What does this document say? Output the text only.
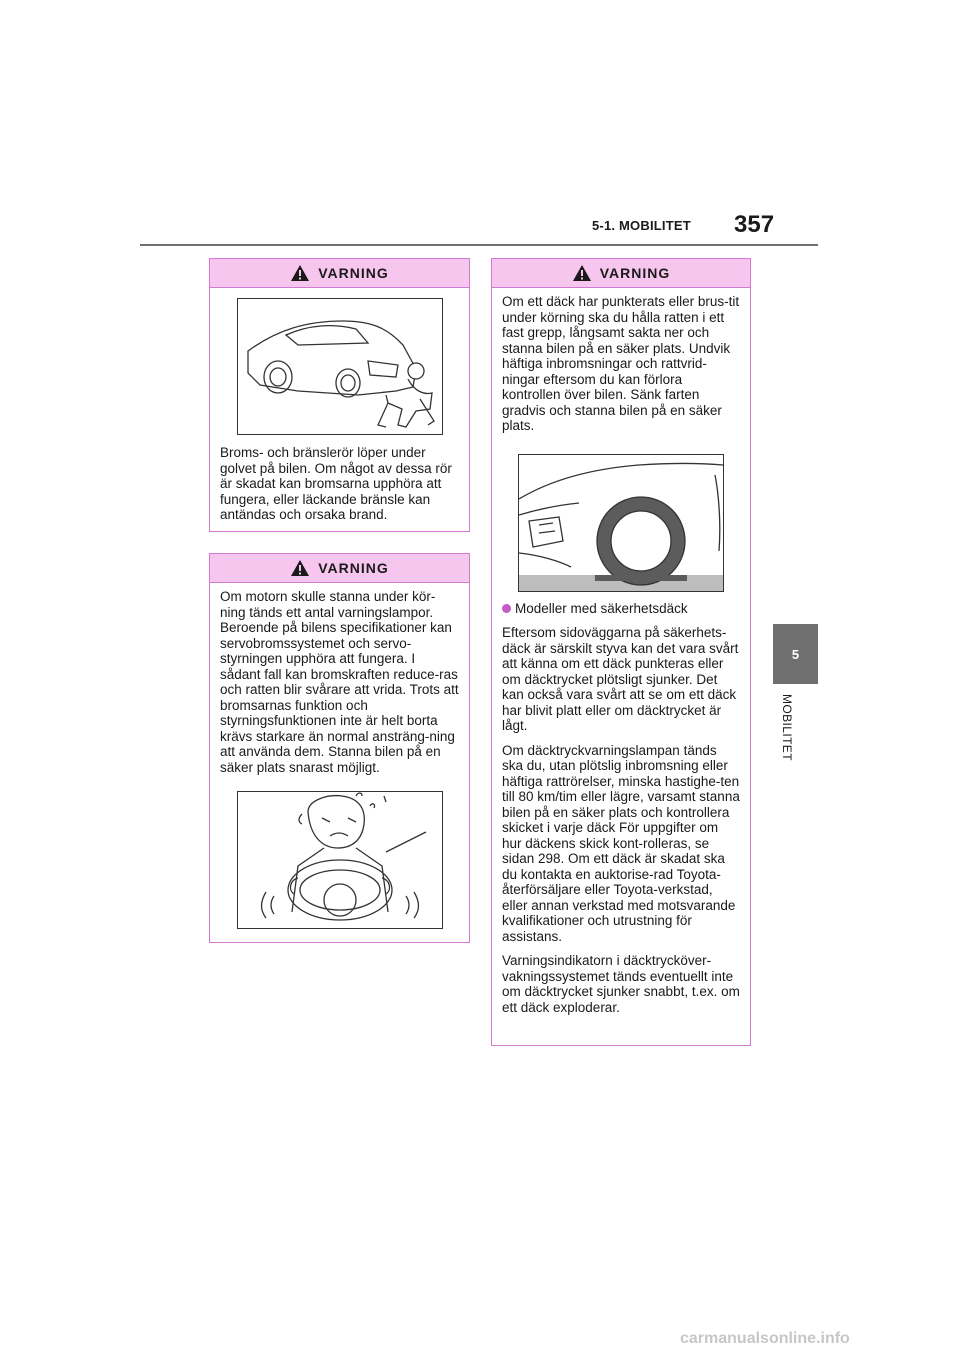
5-1. MOBILITET 357
5
MOBILITET
VARNING

Broms- och bränslerör löper under golvet på bilen. Om något av dessa rör är skadat kan bromsarna upphöra att fungera, eller läckande bränsle kan antändas och orsaka brand.

VARNING

Om motorn skulle stanna under kör-ning tänds ett antal varningslampor. Beroende på bilens specifikationer kan servobromssystemet och servo-styrningen upphöra att fungera. I sådant fall kan bromskraften reduce-ras och ratten blir svårare att vrida. Trots att bromsarnas funktion och styrningsfunktionen inte är helt borta krävs starkare än normal ansträng-ning att använda dem. Stanna bilen på en säker plats snarast möjligt.

VARNING

Om ett däck har punkterats eller brus-tit under körning ska du hålla ratten i ett fast grepp, långsamt sakta ner och stanna bilen på en säker plats. Undvik häftiga inbromsningar och rattvrid-ningar eftersom du kan förlora kontrollen över bilen. Sänk farten gradvis och stanna bilen på en säker plats.

Modeller med säkerhetsdäck

Eftersom sidoväggarna på säkerhets-däck är särskilt styva kan det vara svårt att känna om ett däck punkteras eller om däcktrycket plötsligt sjunker. Det kan också vara svårt att se om ett däck har blivit platt eller om däcktrycket är lågt.

Om däcktryckvarningslampan tänds ska du, utan plötslig inbromsning eller häftiga rattrörelser, minska hastighe-ten till 80 km/tim eller lägre, varsamt stanna bilen på en säker plats och kontrollera skicket i varje däck För uppgifter om hur däckens skick kont-rolleras, se sidan 298. Om ett däck är skadat ska du kontakta en auktorise-rad Toyota-återförsäljare eller Toyota-verkstad, eller annan verkstad med motsvarande kvalifikationer och utrustning för assistans.

Varningsindikatorn i däcktrycköver-vakningssystemet tänds eventuellt inte om däcktrycket sjunker snabbt, t.ex. om ett däck exploderar.

carmanualsonline.info
